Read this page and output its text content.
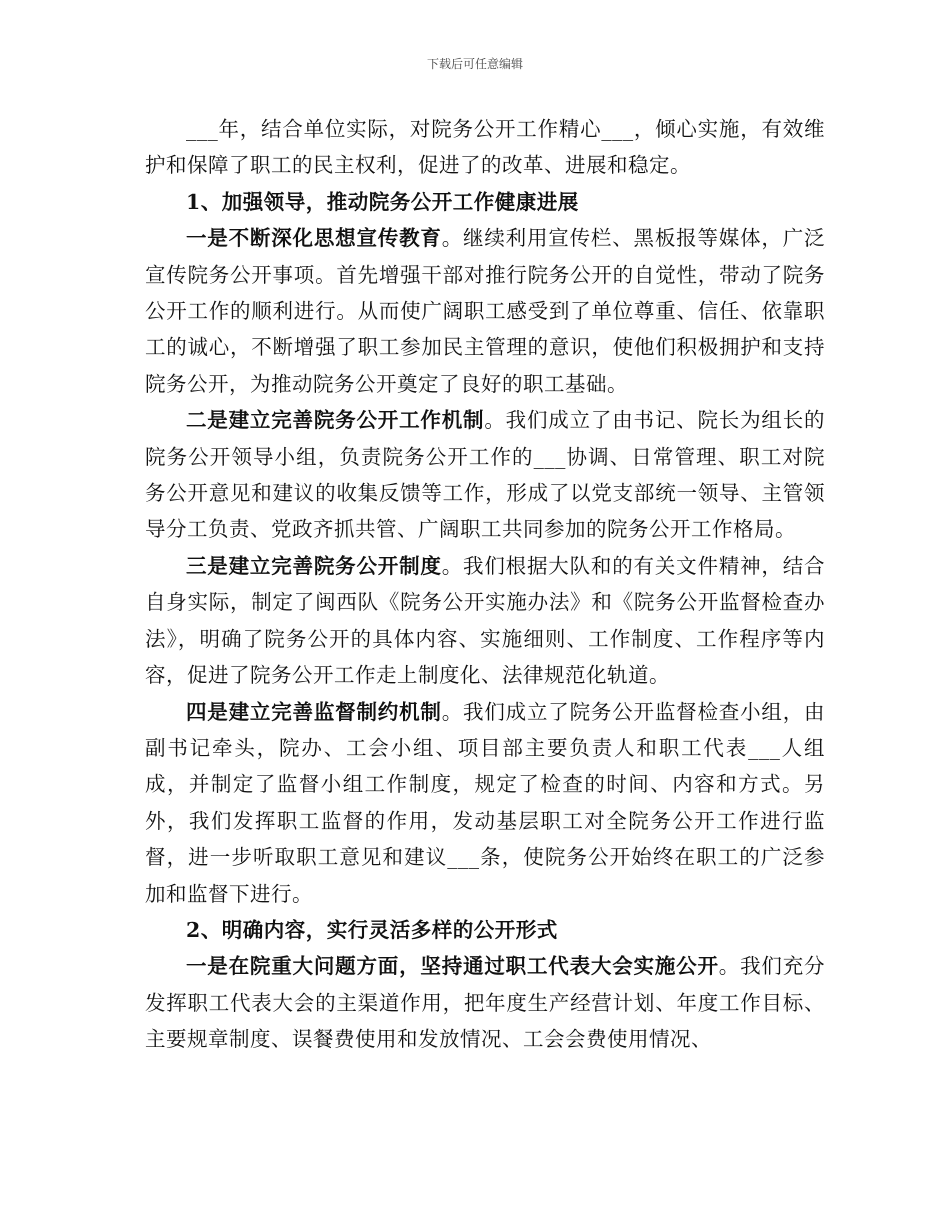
下载后可任意编辑

___年，结合单位实际，对院务公开工作精心___，倾心实施，有效维护和保障了职工的民主权利，促进了的改革、进展和稳定。

1、加强领导，推动院务公开工作健康进展

一是不断深化思想宣传教育。继续利用宣传栏、黑板报等媒体，广泛宣传院务公开事项。首先增强干部对推行院务公开的自觉性，带动了院务公开工作的顺利进行。从而使广阔职工感受到了单位尊重、信任、依靠职工的诚心，不断增强了职工参加民主管理的意识，使他们积极拥护和支持院务公开，为推动院务公开奠定了良好的职工基础。

二是建立完善院务公开工作机制。我们成立了由书记、院长为组长的院务公开领导小组，负责院务公开工作的___协调、日常管理、职工对院务公开意见和建议的收集反馈等工作，形成了以党支部统一领导、主管领导分工负责、党政齐抓共管、广阔职工共同参加的院务公开工作格局。

三是建立完善院务公开制度。我们根据大队和的有关文件精神，结合自身实际，制定了闽西队《院务公开实施办法》和《院务公开监督检查办法》，明确了院务公开的具体内容、实施细则、工作制度、工作程序等内容，促进了院务公开工作走上制度化、法律规范化轨道。

四是建立完善监督制约机制。我们成立了院务公开监督检查小组，由副书记牵头，院办、工会小组、项目部主要负责人和职工代表___人组成，并制定了监督小组工作制度，规定了检查的时间、内容和方式。另外，我们发挥职工监督的作用，发动基层职工对全院务公开工作进行监督，进一步听取职工意见和建议___条，使院务公开始终在职工的广泛参加和监督下进行。

2、明确内容，实行灵活多样的公开形式

一是在院重大问题方面，坚持通过职工代表大会实施公开。我们充分发挥职工代表大会的主渠道作用，把年度生产经营计划、年度工作目标、主要规章制度、误餐费使用和发放情况、工会会费使用情况、
